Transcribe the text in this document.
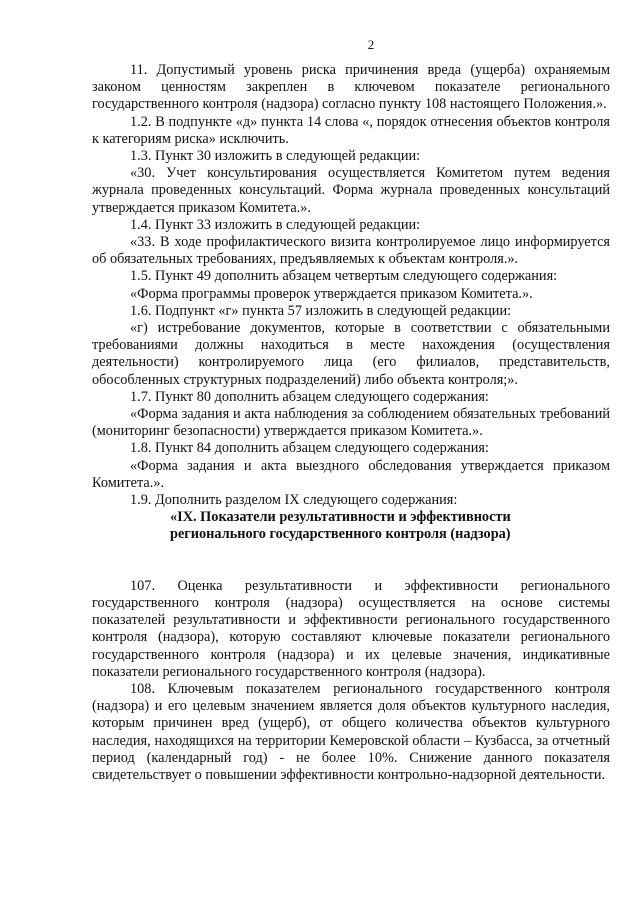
2

11. Допустимый уровень риска причинения вреда (ущерба) охраняемым законом ценностям закреплен в ключевом показателе регионального государственного контроля (надзора) согласно пункту 108 настоящего Положения.».

1.2. В подпункте «д» пункта 14 слова «, порядок отнесения объектов контроля к категориям риска» исключить.

1.3. Пункт 30 изложить в следующей редакции:

«30. Учет консультирования осуществляется Комитетом путем ведения журнала проведенных консультаций. Форма журнала проведенных консультаций утверждается приказом Комитета.».

1.4. Пункт 33 изложить в следующей редакции:

«33. В ходе профилактического визита контролируемое лицо информируется об обязательных требованиях, предъявляемых к объектам контроля.».

1.5. Пункт 49 дополнить абзацем четвертым следующего содержания:

«Форма программы проверок утверждается приказом Комитета.».

1.6. Подпункт «г» пункта 57 изложить в следующей редакции:

«г) истребование документов, которые в соответствии с обязательными требованиями должны находиться в месте нахождения (осуществления деятельности) контролируемого лица (его филиалов, представительств, обособленных структурных подразделений) либо объекта контроля;».

1.7. Пункт 80 дополнить абзацем следующего содержания:

«Форма задания и акта наблюдения за соблюдением обязательных требований (мониторинг безопасности) утверждается приказом Комитета.».

1.8. Пункт 84 дополнить абзацем следующего содержания:

«Форма задания и акта выездного обследования утверждается приказом Комитета.».

1.9. Дополнить разделом IX следующего содержания:

«IX. Показатели результативности и эффективности
регионального государственного контроля (надзора)

107. Оценка результативности и эффективности регионального государственного контроля (надзора) осуществляется на основе системы показателей результативности и эффективности регионального государственного контроля (надзора), которую составляют ключевые показатели регионального государственного контроля (надзора) и их целевые значения, индикативные показатели регионального государственного контроля (надзора).

108. Ключевым показателем регионального государственного контроля (надзора) и его целевым значением является доля объектов культурного наследия, которым причинен вред (ущерб), от общего количества объектов культурного наследия, находящихся на территории Кемеровской области – Кузбасса, за отчетный период (календарный год) - не более 10%. Снижение данного показателя свидетельствует о повышении эффективности контрольно-надзорной деятельности.
